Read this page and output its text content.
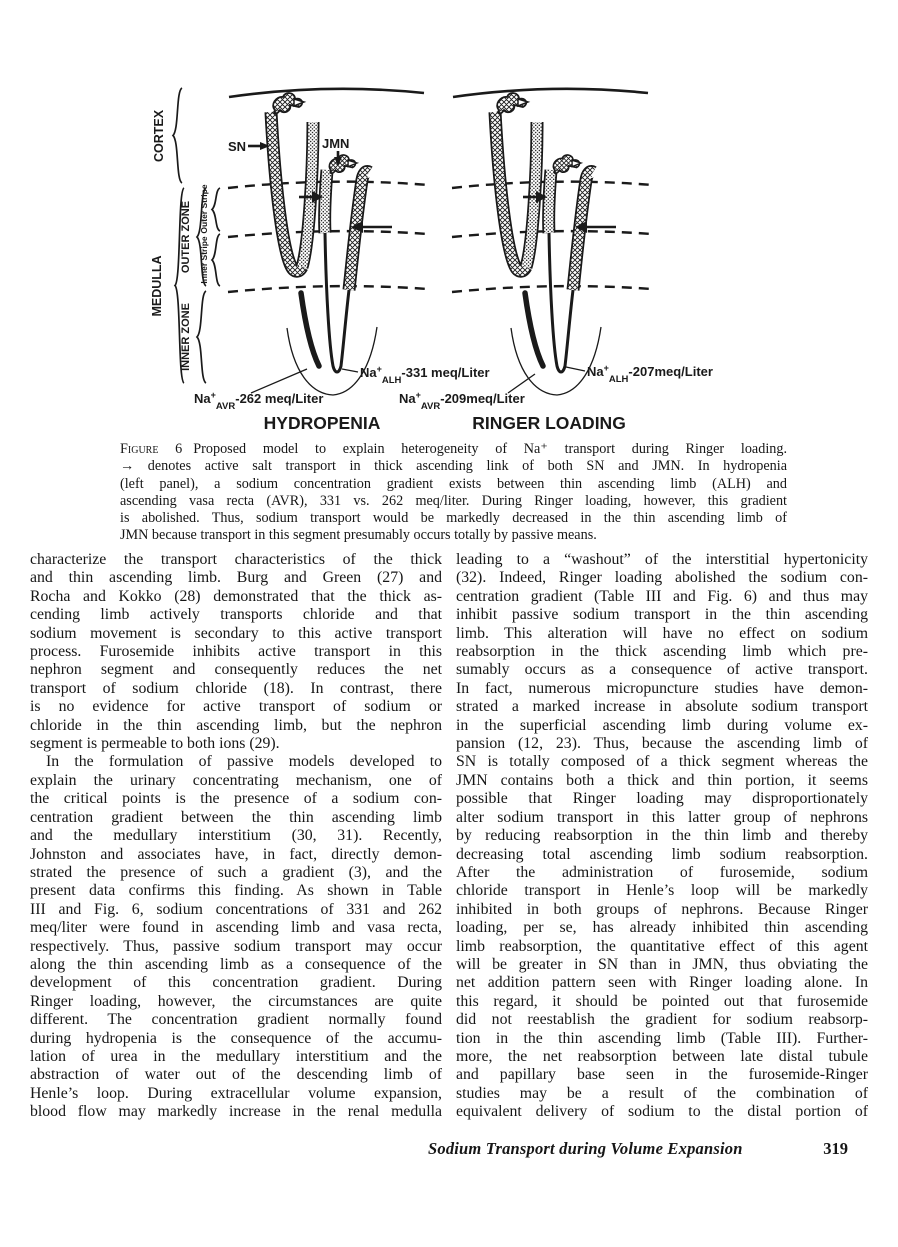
CORTEX
MEDULLA
OUTER ZONE
INNER ZONE
Outer Stripe
Inner Stripe
SN	JMN
$Na^+_{ALH}-331$ meq/Liter
$Na^+_{AVR}-262$ meq/Liter
HYDROPENIA
$Na^+_{ALH}-207meq$/Liter
$Na^+_{AVR}-209meq$/Liter
RINGER LOADING
Figure 6 Proposed model to explain heterogeneity of Na⁺ transport during Ringer loading.
→ denotes active salt transport in thick ascending link of both SN and JMN. In hydropenia
(left panel), a sodium concentration gradient exists between thin ascending limb (ALH) and
ascending vasa recta (AVR), 331 vs. 262 meq/liter. During Ringer loading, however, this gradient
is abolished. Thus, sodium transport would be markedly decreased in the thin ascending limb of
JMN because transport in this segment presumably occurs totally by passive means.
characterize the transport characteristics of the thick
and thin ascending limb. Burg and Green (27) and
Rocha and Kokko (28) demonstrated that the thick as-
cending limb actively transports chloride and that
sodium movement is secondary to this active transport
process. Furosemide inhibits active transport in this
nephron segment and consequently reduces the net
transport of sodium chloride (18). In contrast, there
is no evidence for active transport of sodium or
chloride in the thin ascending limb, but the nephron
segment is permeable to both ions (29).
In the formulation of passive models developed to
explain the urinary concentrating mechanism, one of
the critical points is the presence of a sodium con-
centration gradient between the thin ascending limb
and the medullary interstitium (30, 31). Recently,
Johnston and associates have, in fact, directly demon-
strated the presence of such a gradient (3), and the
present data confirms this finding. As shown in Table
III and Fig. 6, sodium concentrations of 331 and 262
meq/liter were found in ascending limb and vasa recta,
respectively. Thus, passive sodium transport may occur
along the thin ascending limb as a consequence of the
development of this concentration gradient. During
Ringer loading, however, the circumstances are quite
different. The concentration gradient normally found
during hydropenia is the consequence of the accumu-
lation of urea in the medullary interstitium and the
abstraction of water out of the descending limb of
Henle’s loop. During extracellular volume expansion,
blood flow may markedly increase in the renal medulla
leading to a “washout” of the interstitial hypertonicity
(32). Indeed, Ringer loading abolished the sodium con-
centration gradient (Table III and Fig. 6) and thus may
inhibit passive sodium transport in the thin ascending
limb. This alteration will have no effect on sodium
reabsorption in the thick ascending limb which pre-
sumably occurs as a consequence of active transport.
In fact, numerous micropuncture studies have demon-
strated a marked increase in absolute sodium transport
in the superficial ascending limb during volume ex-
pansion (12, 23). Thus, because the ascending limb of
SN is totally composed of a thick segment whereas the
JMN contains both a thick and thin portion, it seems
possible that Ringer loading may disproportionately
alter sodium transport in this latter group of nephrons
by reducing reabsorption in the thin limb and thereby
decreasing total ascending limb sodium reabsorption.
After the administration of furosemide, sodium
chloride transport in Henle’s loop will be markedly
inhibited in both groups of nephrons. Because Ringer
loading, per se, has already inhibited thin ascending
limb reabsorption, the quantitative effect of this agent
will be greater in SN than in JMN, thus obviating the
net addition pattern seen with Ringer loading alone. In
this regard, it should be pointed out that furosemide
did not reestablish the gradient for sodium reabsorp-
tion in the thin ascending limb (Table III). Further-
more, the net reabsorption between late distal tubule
and papillary base seen in the furosemide-Ringer
studies may be a result of the combination of
equivalent delivery of sodium to the distal portion of
Sodium Transport during Volume Expansion	319
